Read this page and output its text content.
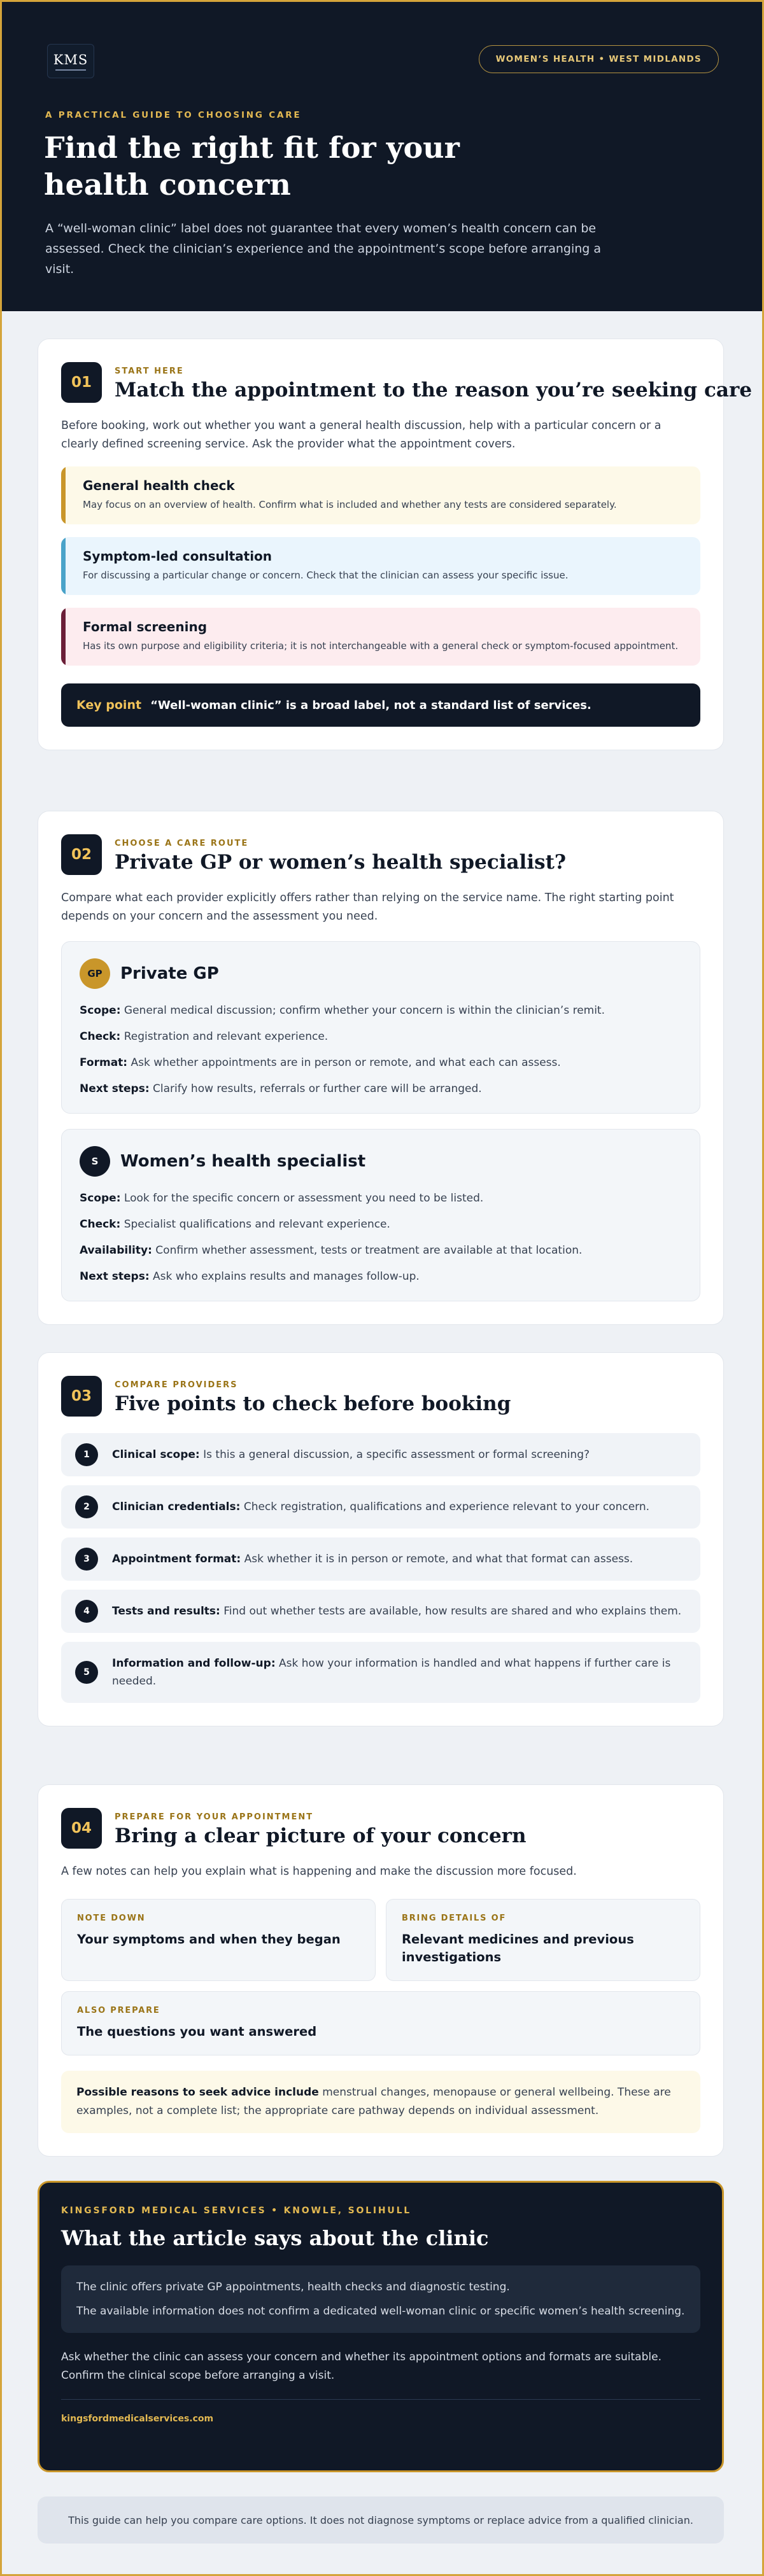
KMS	WOMEN’S HEALTH • WEST MIDLANDS
A PRACTICAL GUIDE TO CHOOSING CARE
Find the right fit for your health concern

A “well-woman clinic” label does not guarantee that every women’s health concern can be assessed. Check the clinician’s experience and the appointment’s scope before arranging a visit.

01
START HERE
Match the appointment to the reason you’re seeking care

Before booking, work out whether you want a general health discussion, help with a particular concern or a clearly defined screening service. Ask the provider what the appointment covers.

General health check
May focus on an overview of health. Confirm what is included and whether any tests are considered separately.
Symptom-led consultation
For discussing a particular change or concern. Check that the clinician can assess your specific issue.
Formal screening
Has its own purpose and eligibility criteria; it is not interchangeable with a general check or symptom-focused appointment.
Key point “Well-woman clinic” is a broad label, not a standard list of services.
02
CHOOSE A CARE ROUTE
Private GP or women’s health specialist?

Compare what each provider explicitly offers rather than relying on the service name. The right starting point depends on your concern and the assessment you need.

GP	Private GP

Scope: General medical discussion; confirm whether your concern is within the clinician’s remit.

Check: Registration and relevant experience.

Format: Ask whether appointments are in person or remote, and what each can assess.

Next steps: Clarify how results, referrals or further care will be arranged.

S	Women’s health specialist

Scope: Look for the specific concern or assessment you need to be listed.

Check: Specialist qualifications and relevant experience.

Availability: Confirm whether assessment, tests or treatment are available at that location.

Next steps: Ask who explains results and manages follow-up.

03
COMPARE PROVIDERS
Five points to check before booking
1	Clinical scope: Is this a general discussion, a specific assessment or formal screening?

2	Clinician credentials: Check registration, qualifications and experience relevant to your concern.

3	Appointment format: Ask whether it is in person or remote, and what that format can assess.

4	Tests and results: Find out whether tests are available, how results are shared and who explains them.

5

Information and follow-up: Ask how your information is handled and what happens if further care is needed.

04
PREPARE FOR YOUR APPOINTMENT
Bring a clear picture of your concern

A few notes can help you explain what is happening and make the discussion more focused.

NOTE DOWN
Your symptoms and when they began
BRING DETAILS OF
Relevant medicines and previous investigations
ALSO PREPARE
The questions you want answered

Possible reasons to seek advice include menstrual changes, menopause or general wellbeing. These are examples, not a complete list; the appropriate care pathway depends on individual assessment.

KINGSFORD MEDICAL SERVICES • KNOWLE, SOLIHULL
What the article says about the clinic

The clinic offers private GP appointments, health checks and diagnostic testing.

The available information does not confirm a dedicated well-woman clinic or specific women’s health screening.

Ask whether the clinic can assess your concern and whether its appointment options and formats are suitable. Confirm the clinical scope before arranging a visit.

kingsfordmedicalservices.com
This guide can help you compare care options. It does not diagnose symptoms or replace advice from a qualified clinician.
